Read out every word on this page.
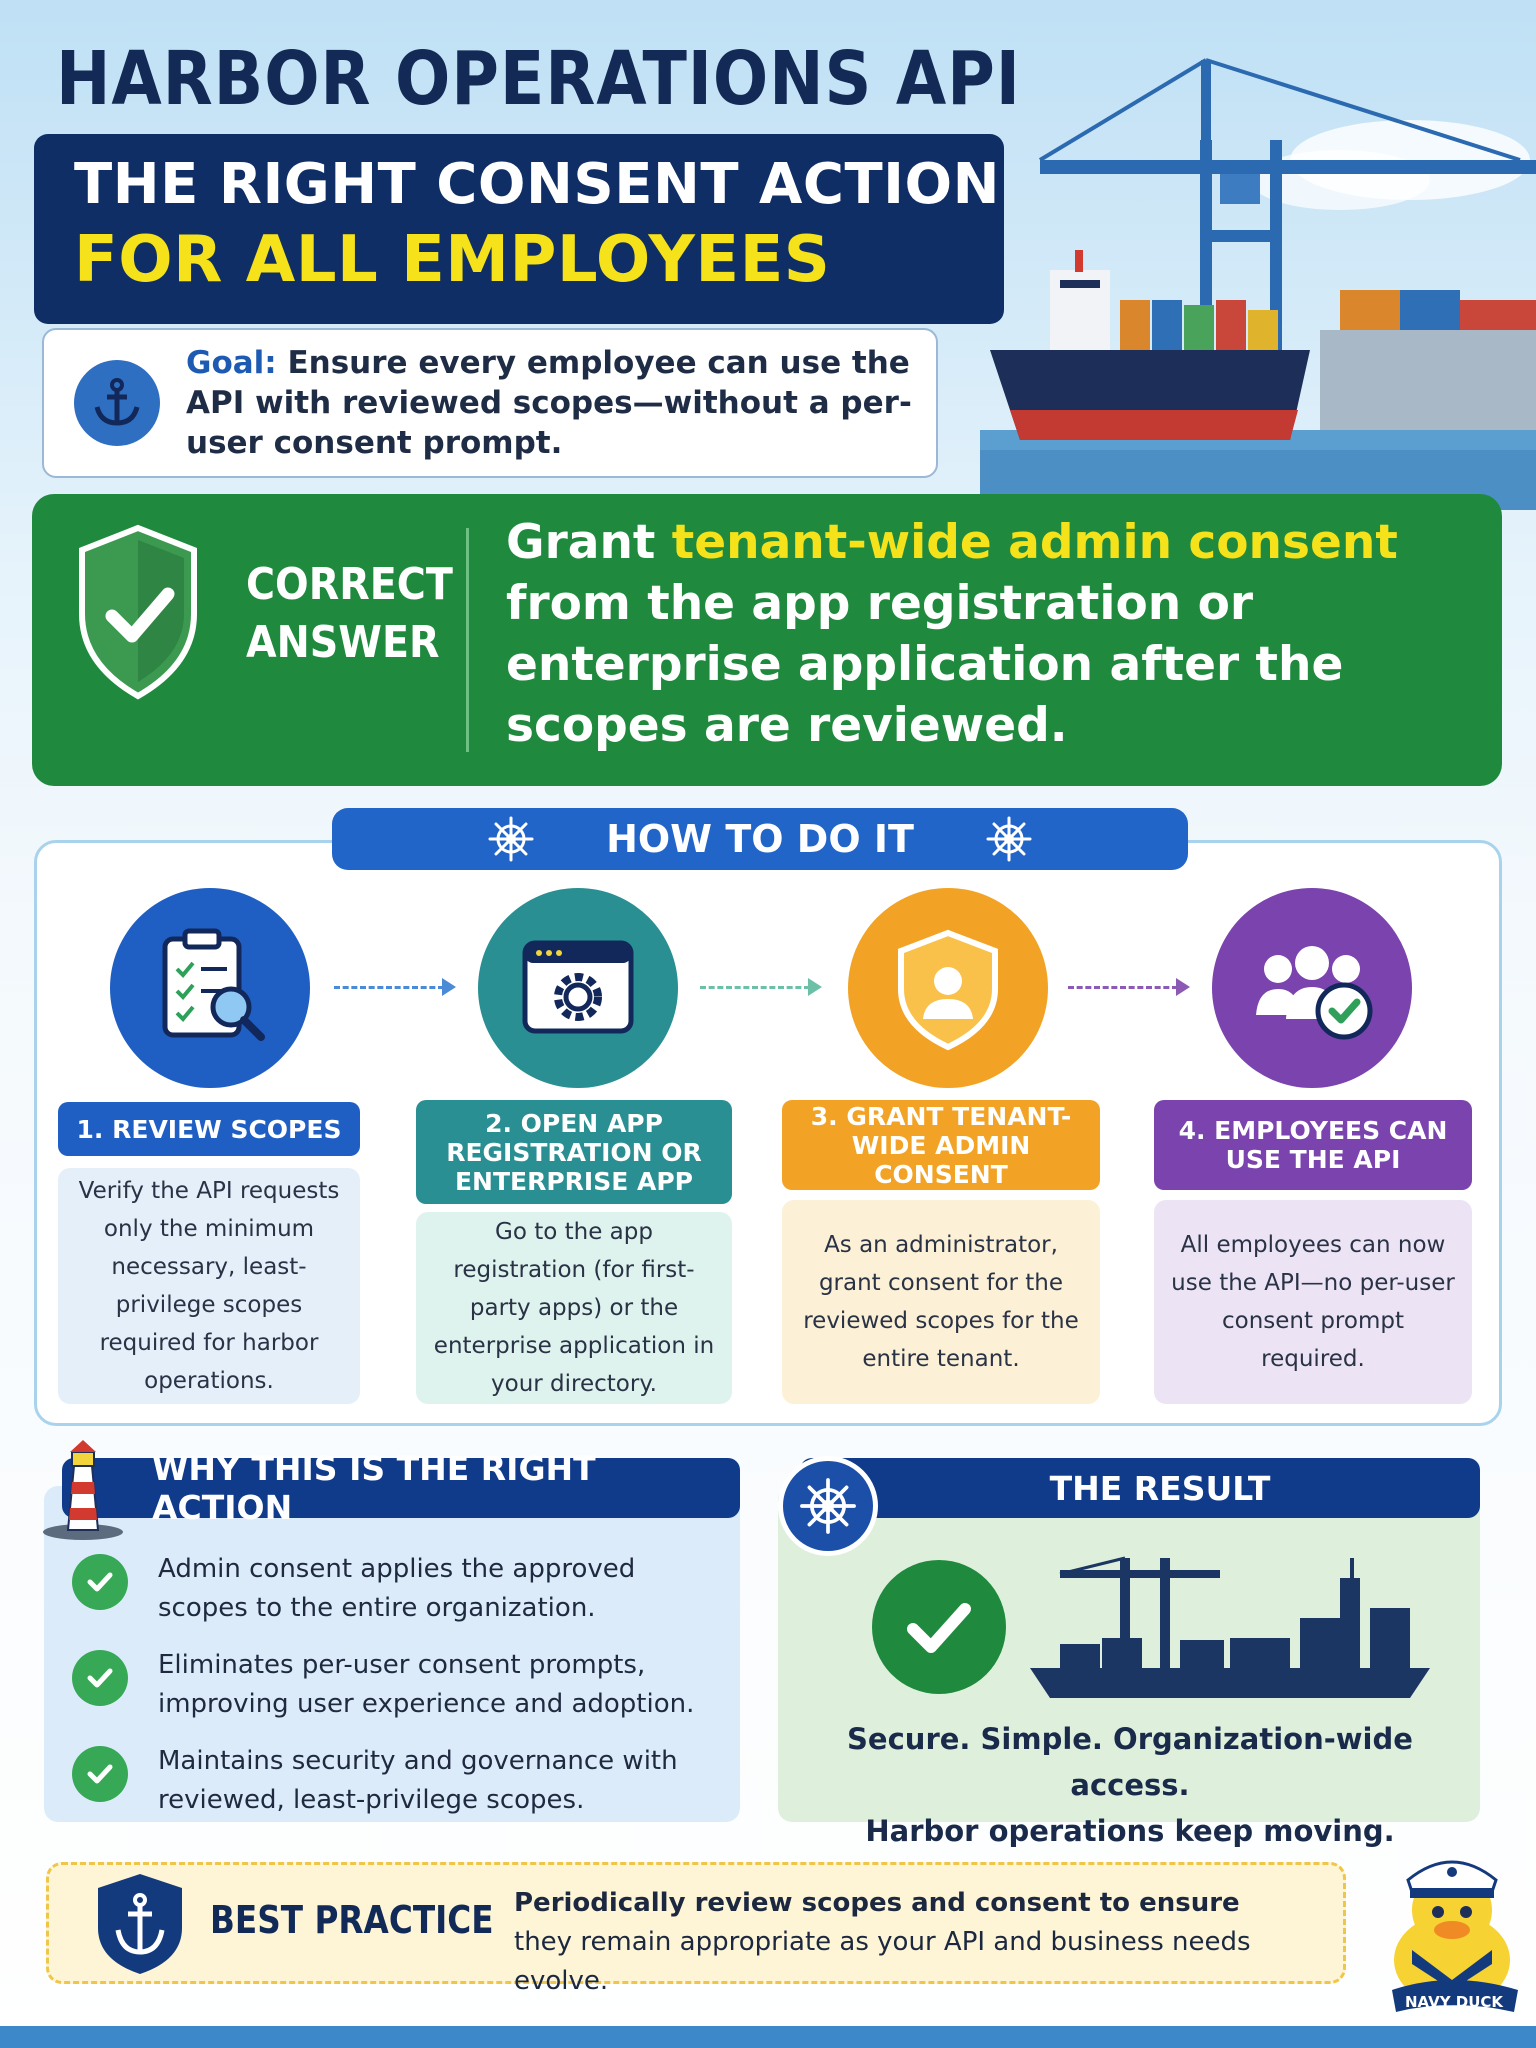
HARBOR OPERATIONS API
THE RIGHT CONSENT ACTION
FOR ALL EMPLOYEES
Goal: Ensure every employee can use the API with reviewed scopes—without a per-user consent prompt.
CORRECT
ANSWER
Grant tenant-wide admin consent from the app registration or enterprise application after the scopes are reviewed.
HOW TO DO IT
1. REVIEW SCOPES	2. OPEN APP REGISTRATION OR ENTERPRISE APP
3. GRANT TENANT-WIDE ADMIN CONSENT
4. EMPLOYEES CAN USE THE API
Verify the API requests only the minimum necessary, least-privilege scopes required for harbor operations.
Go to the app registration (for first-party apps) or the enterprise application in your directory.
As an administrator, grant consent for the reviewed scopes for the entire tenant.
All employees can now use the API—no per-user consent prompt required.
WHY THIS IS THE RIGHT ACTION
Admin consent applies the approved scopes to the entire organization.
Eliminates per-user consent prompts, improving user experience and adoption.
Maintains security and governance with reviewed, least-privilege scopes.
THE RESULT
Secure. Simple. Organization-wide access.
Harbor operations keep moving.
BEST PRACTICE Periodically review scopes and consent to ensure
they remain appropriate as your API and business needs evolve.
NAVY DUCK
